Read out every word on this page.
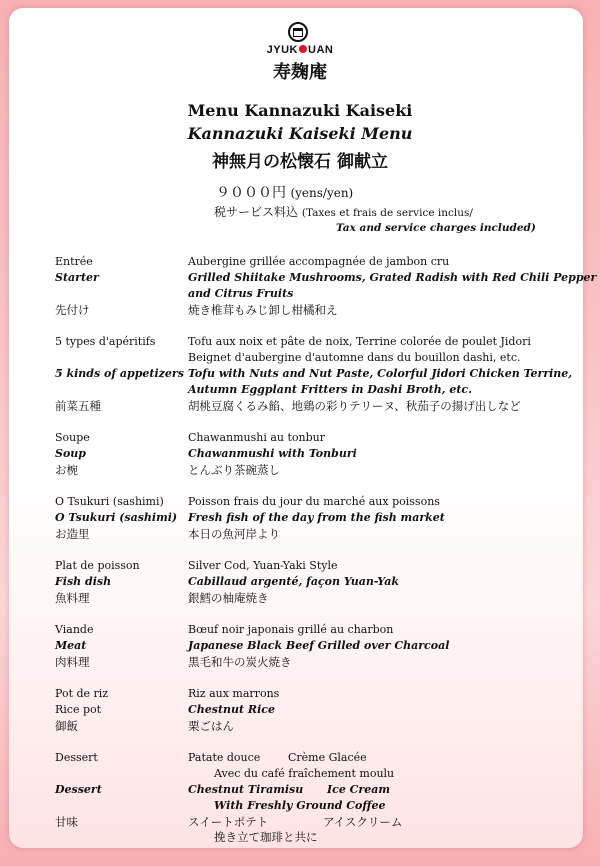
JYUK UAN
寿麹庵
Menu Kannazuki Kaiseki
Kannazuki Kaiseki Menu
神無月の松懐石 御献立
９０００円 (yens/yen)
税サービス料込 (Taxes et frais de service inclus/
Tax and service charges included)
Entrée
Starter
先付け
Aubergine grillée accompagnée de jambon cru
Grilled Shiitake Mushrooms, Grated Radish with Red Chili Pepper
and Citrus Fruits
焼き椎茸もみじ卸し柑橘和え
5 types d'apéritifs
5 kinds of appetizers
前菜五種
Tofu aux noix et pâte de noix, Terrine colorée de poulet Jidori
Beignet d'aubergine d'automne dans du bouillon dashi, etc.
Tofu with Nuts and Nut Paste, Colorful Jidori Chicken Terrine,
Autumn Eggplant Fritters in Dashi Broth, etc.
胡桃豆腐くるみ餡、地鶏の彩りテリーヌ、秋茄子の揚げ出しなど
Soupe
Soup
お椀
Chawanmushi au tonbur
Chawanmushi with Tonburi
とんぶり茶碗蒸し
O Tsukuri (sashimi)
O Tsukuri (sashimi)
お造里
Poisson frais du jour du marché aux poissons
Fresh fish of the day from the fish market
本日の魚河岸より
Plat de poisson
Fish dish
魚料理
Silver Cod, Yuan-Yaki Style
Cabillaud argenté, façon Yuan-Yak
銀鱈の柚庵焼き
Viande
Meat
肉料理
Bœuf noir japonais grillé au charbon
Japanese Black Beef Grilled over Charcoal
黒毛和牛の炭火焼き
Pot de riz
Rice pot
御飯
Riz aux marrons
Chestnut Rice
栗ごはん
Dessert
Dessert
甘味
Patate douce	Crème Glacée
Avec du café fraîchement moulu
Chestnut Tiramisu Ice Cream
With Freshly Ground Coffee
スイートポテト	アイスクリーム
挽き立て珈琲と共に
